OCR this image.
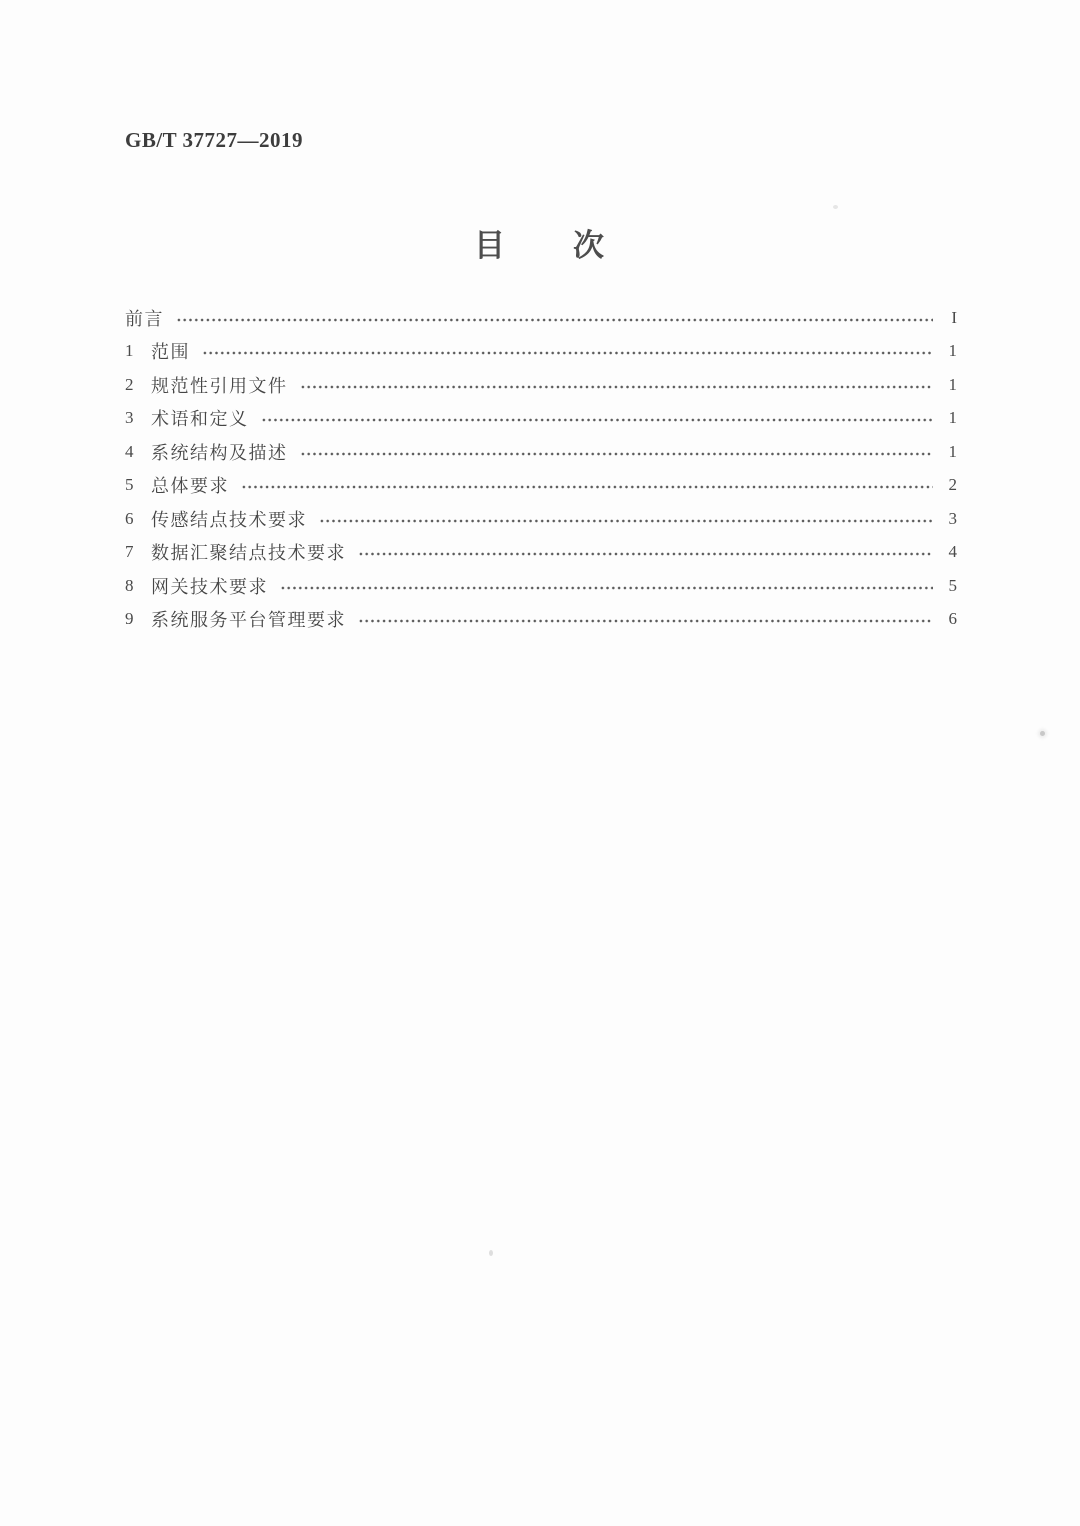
GB/T 37727—2019
目　　次
前言	I
1 范围	1
2 规范性引用文件	1
3 术语和定义	1
4 系统结构及描述	1
5 总体要求	2
6 传感结点技术要求	3
7 数据汇聚结点技术要求	4
8 网关技术要求	5
9 系统服务平台管理要求	6
